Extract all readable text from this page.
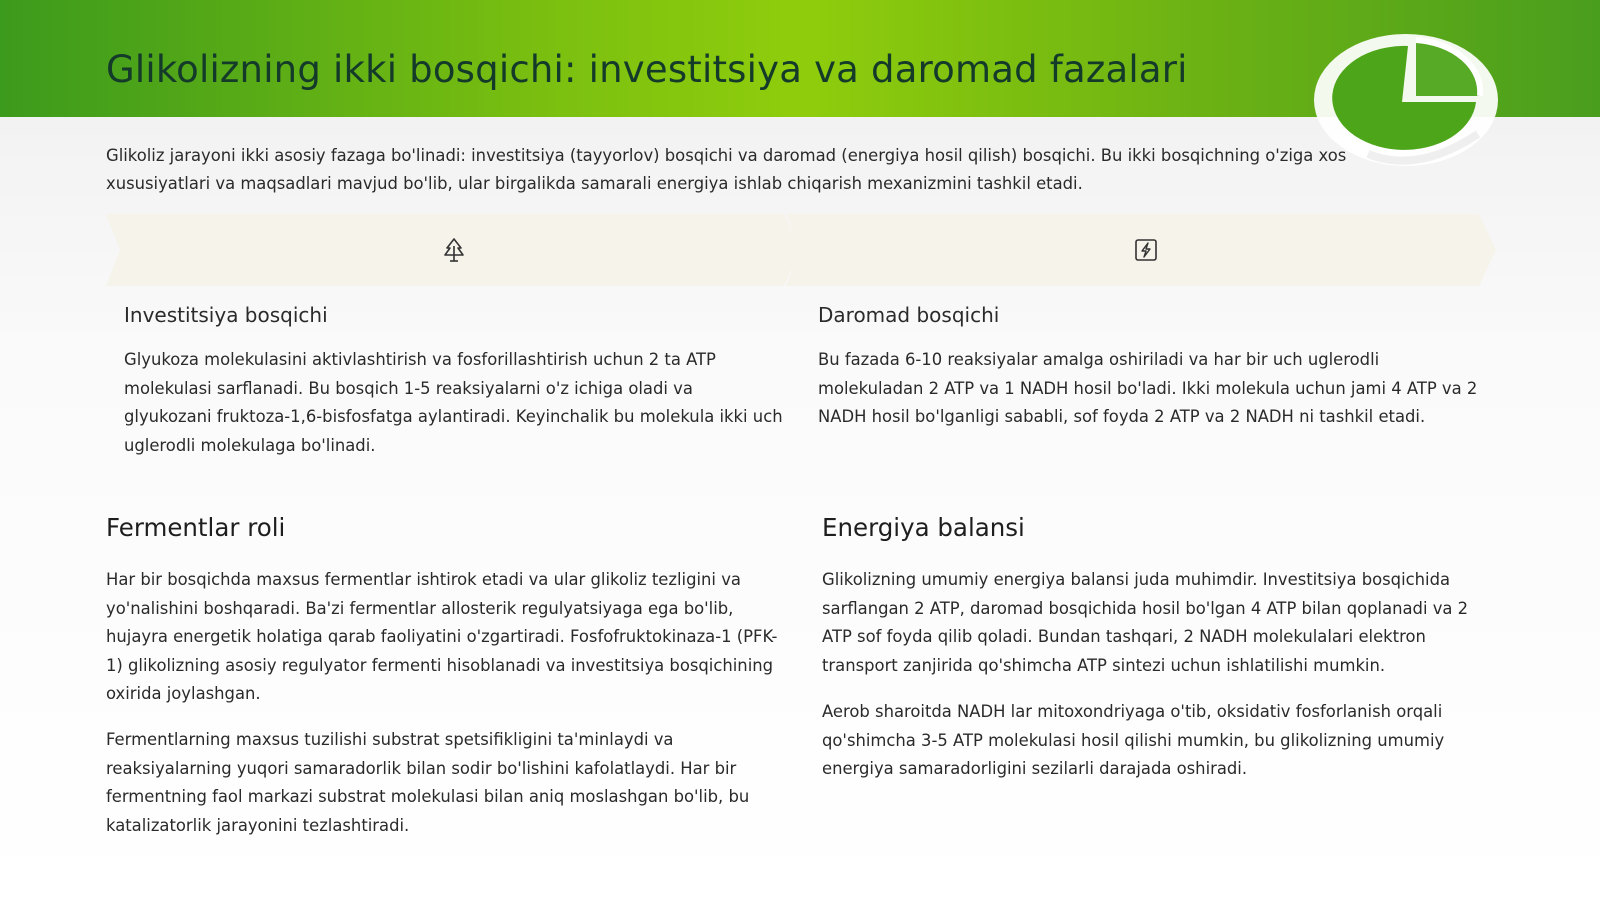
Glikolizning ikki bosqichi: investitsiya va daromad fazalari

Glikoliz jarayoni ikki asosiy fazaga bo'linadi: investitsiya (tayyorlov) bosqichi va daromad (energiya hosil qilish) bosqichi. Bu ikki bosqichning o'ziga xos xususiyatlari va maqsadlari mavjud bo'lib, ular birgalikda samarali energiya ishlab chiqarish mexanizmini tashkil etadi.

Investitsiya bosqichi

Glyukoza molekulasini aktivlashtirish va fosforillashtirish uchun 2 ta ATP molekulasi sarflanadi. Bu bosqich 1-5 reaksiyalarni o'z ichiga oladi va glyukozani fruktoza-1,6-bisfosfatga aylantiradi. Keyinchalik bu molekula ikki uch uglerodli molekulaga bo'linadi.

Daromad bosqichi

Bu fazada 6-10 reaksiyalar amalga oshiriladi va har bir uch uglerodli molekuladan 2 ATP va 1 NADH hosil bo'ladi. Ikki molekula uchun jami 4 ATP va 2 NADH hosil bo'lganligi sababli, sof foyda 2 ATP va 2 NADH ni tashkil etadi.

Fermentlar roli

Har bir bosqichda maxsus fermentlar ishtirok etadi va ular glikoliz tezligini va yo'nalishini boshqaradi. Ba'zi fermentlar allosterik regulyatsiyaga ega bo'lib, hujayra energetik holatiga qarab faoliyatini o'zgartiradi. Fosfofruktokinaza-1 (PFK-1) glikolizning asosiy regulyator fermenti hisoblanadi va investitsiya bosqichining oxirida joylashgan.

Fermentlarning maxsus tuzilishi substrat spetsifikligini ta'minlaydi va reaksiyalarning yuqori samaradorlik bilan sodir bo'lishini kafolatlaydi. Har bir fermentning faol markazi substrat molekulasi bilan aniq moslashgan bo'lib, bu katalizatorlik jarayonini tezlashtiradi.

Energiya balansi

Glikolizning umumiy energiya balansi juda muhimdir. Investitsiya bosqichida sarflangan 2 ATP, daromad bosqichida hosil bo'lgan 4 ATP bilan qoplanadi va 2 ATP sof foyda qilib qoladi. Bundan tashqari, 2 NADH molekulalari elektron transport zanjirida qo'shimcha ATP sintezi uchun ishlatilishi mumkin.

Aerob sharoitda NADH lar mitoxondriyaga o'tib, oksidativ fosforlanish orqali qo'shimcha 3-5 ATP molekulasi hosil qilishi mumkin, bu glikolizning umumiy energiya samaradorligini sezilarli darajada oshiradi.
